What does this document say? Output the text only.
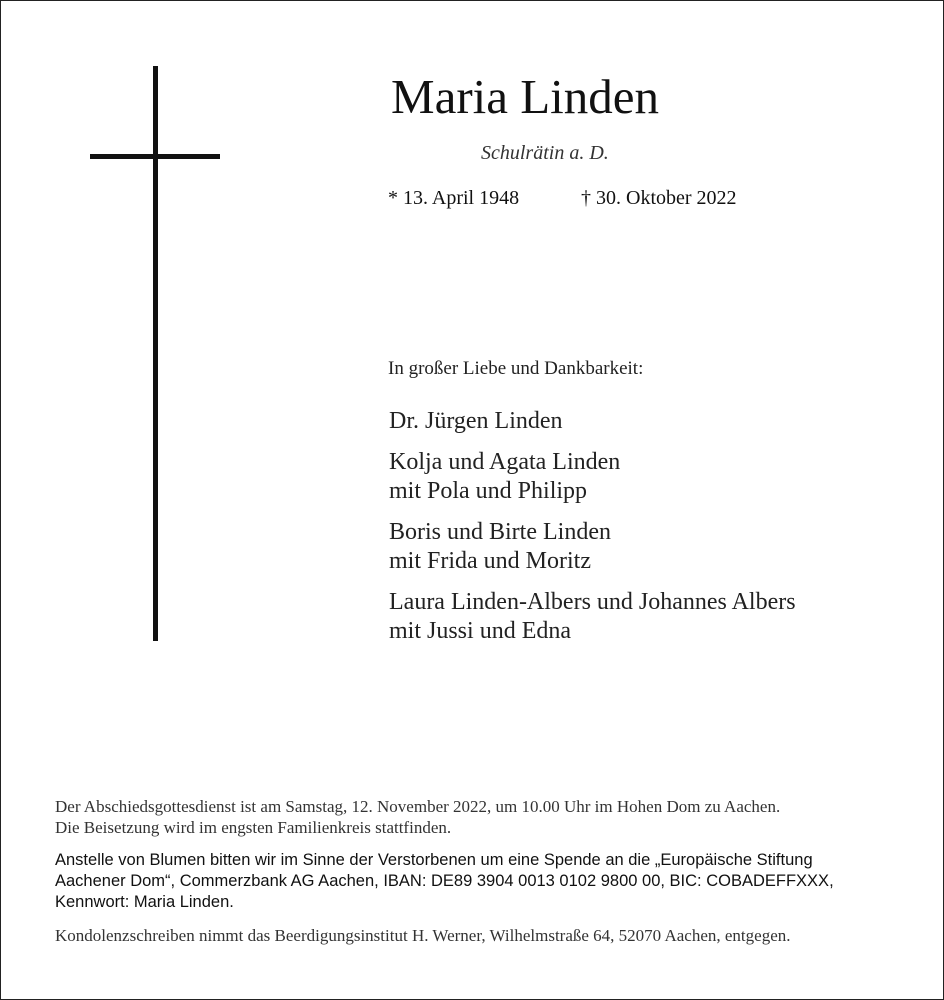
Maria Linden
Schulrätin a. D.
* 13. April 1948	† 30. Oktober 2022
In großer Liebe und Dankbarkeit:
Dr. Jürgen Linden
Kolja und Agata Linden
mit Pola und Philipp
Boris und Birte Linden
mit Frida und Moritz
Laura Linden-Albers und Johannes Albers
mit Jussi und Edna
Der Abschiedsgottesdienst ist am Samstag, 12. November 2022, um 10.00 Uhr im Hohen Dom zu Aachen.
Die Beisetzung wird im engsten Familienkreis stattfinden.
Anstelle von Blumen bitten wir im Sinne der Verstorbenen um eine Spende an die „Europäische Stiftung
Aachener Dom“, Commerzbank AG Aachen, IBAN: DE89 3904 0013 0102 9800 00, BIC: COBADEFFXXX,
Kennwort: Maria Linden.
Kondolenzschreiben nimmt das Beerdigungsinstitut H. Werner, Wilhelmstraße 64, 52070 Aachen, entgegen.
